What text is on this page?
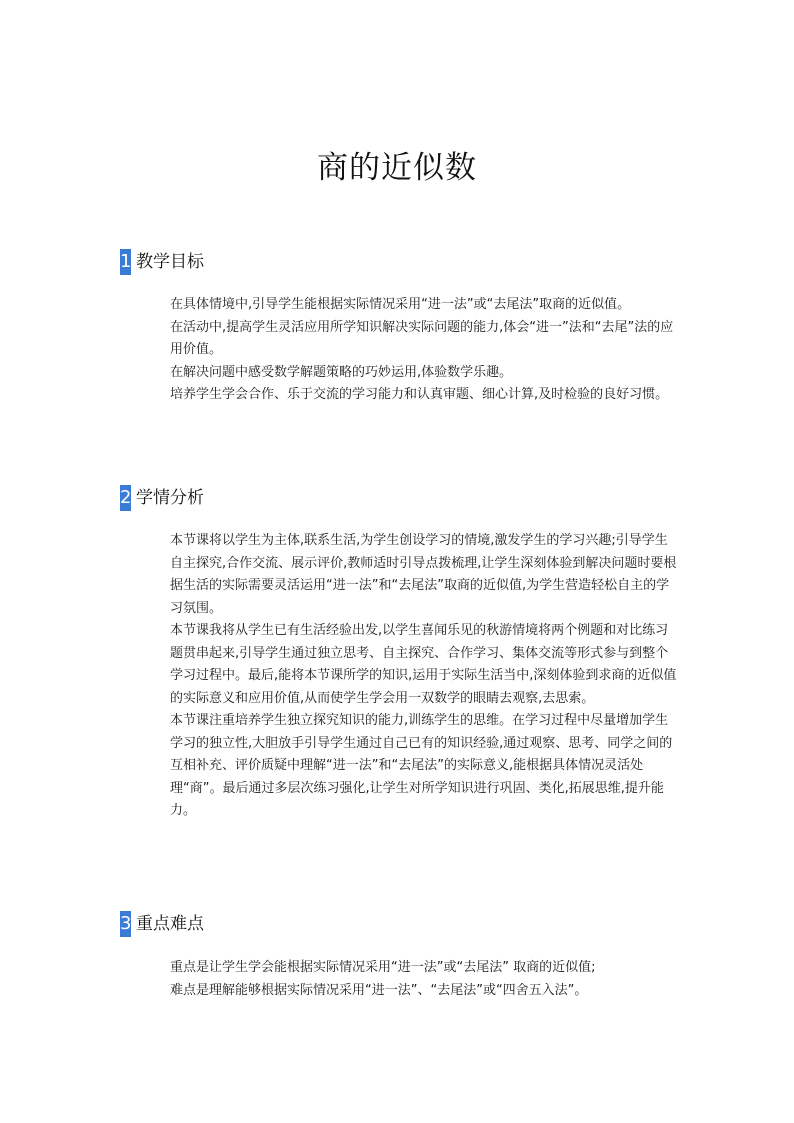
商的近似数
1 教学目标

在具体情境中,引导学生能根据实际情况采用“进一法”或“去尾法”取商的近似值。

在活动中,提高学生灵活应用所学知识解决实际问题的能力,体会“进一”法和“去尾”法的应用价值。

在解决问题中感受数学解题策略的巧妙运用,体验数学乐趣。

培养学生学会合作、乐于交流的学习能力和认真审题、细心计算,及时检验的良好习惯。

2 学情分析

本节课将以学生为主体,联系生活,为学生创设学习的情境,激发学生的学习兴趣;引导学生自主探究,合作交流、展示评价,教师适时引导点拨梳理,让学生深刻体验到解决问题时要根据生活的实际需要灵活运用“进一法”和“去尾法”取商的近似值,为学生营造轻松自主的学习氛围。

本节课我将从学生已有生活经验出发,以学生喜闻乐见的秋游情境将两个例题和对比练习题贯串起来,引导学生通过独立思考、自主探究、合作学习、集体交流等形式参与到整个学习过程中。最后,能将本节课所学的知识,运用于实际生活当中,深刻体验到求商的近似值的实际意义和应用价值,从而使学生学会用一双数学的眼睛去观察,去思索。

本节课注重培养学生独立探究知识的能力,训练学生的思维。在学习过程中尽量增加学生学习的独立性,大胆放手引导学生通过自己已有的知识经验,通过观察、思考、同学之间的互相补充、评价质疑中理解“进一法”和“去尾法”的实际意义,能根据具体情况灵活处理“商”。最后通过多层次练习强化,让学生对所学知识进行巩固、类化,拓展思维,提升能力。

3 重点难点

重点是让学生学会能根据实际情况采用“进一法”或“去尾法” 取商的近似值;

难点是理解能够根据实际情况采用“进一法”、“去尾法”或“四舍五入法”。
